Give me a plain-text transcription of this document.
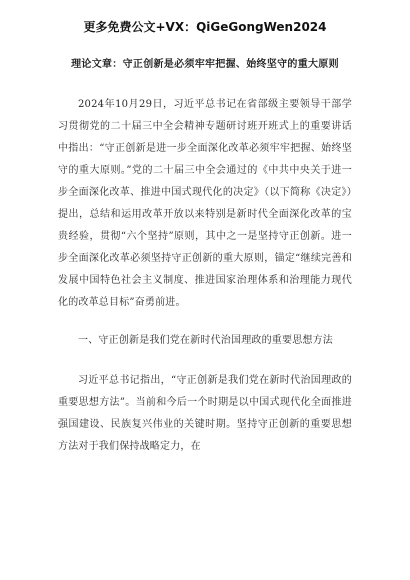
更多免费公文+VX：QiGeGongWen2024
理论文章：守正创新是必须牢牢把握、始终坚守的重大原则

2024年10月29日，习近平总书记在省部级主要领导干部学习贯彻党的二十届三中全会精神专题研讨班开班式上的重要讲话中指出：“守正创新是进一步全面深化改革必须牢牢把握、始终坚守的重大原则。”党的二十届三中全会通过的《中共中央关于进一步全面深化改革、推进中国式现代化的决定》（以下简称《决定》）提出，总结和运用改革开放以来特别是新时代全面深化改革的宝贵经验，贯彻“六个坚持”原则，其中之一是坚持守正创新。进一步全面深化改革必须坚持守正创新的重大原则，锚定“继续完善和发展中国特色社会主义制度、推进国家治理体系和治理能力现代化的改革总目标”奋勇前进。

一、守正创新是我们党在新时代治国理政的重要思想方法

习近平总书记指出，“守正创新是我们党在新时代治国理政的重要思想方法”。当前和今后一个时期是以中国式现代化全面推进强国建设、民族复兴伟业的关键时期。坚持守正创新的重要思想方法对于我们保持战略定力，在
